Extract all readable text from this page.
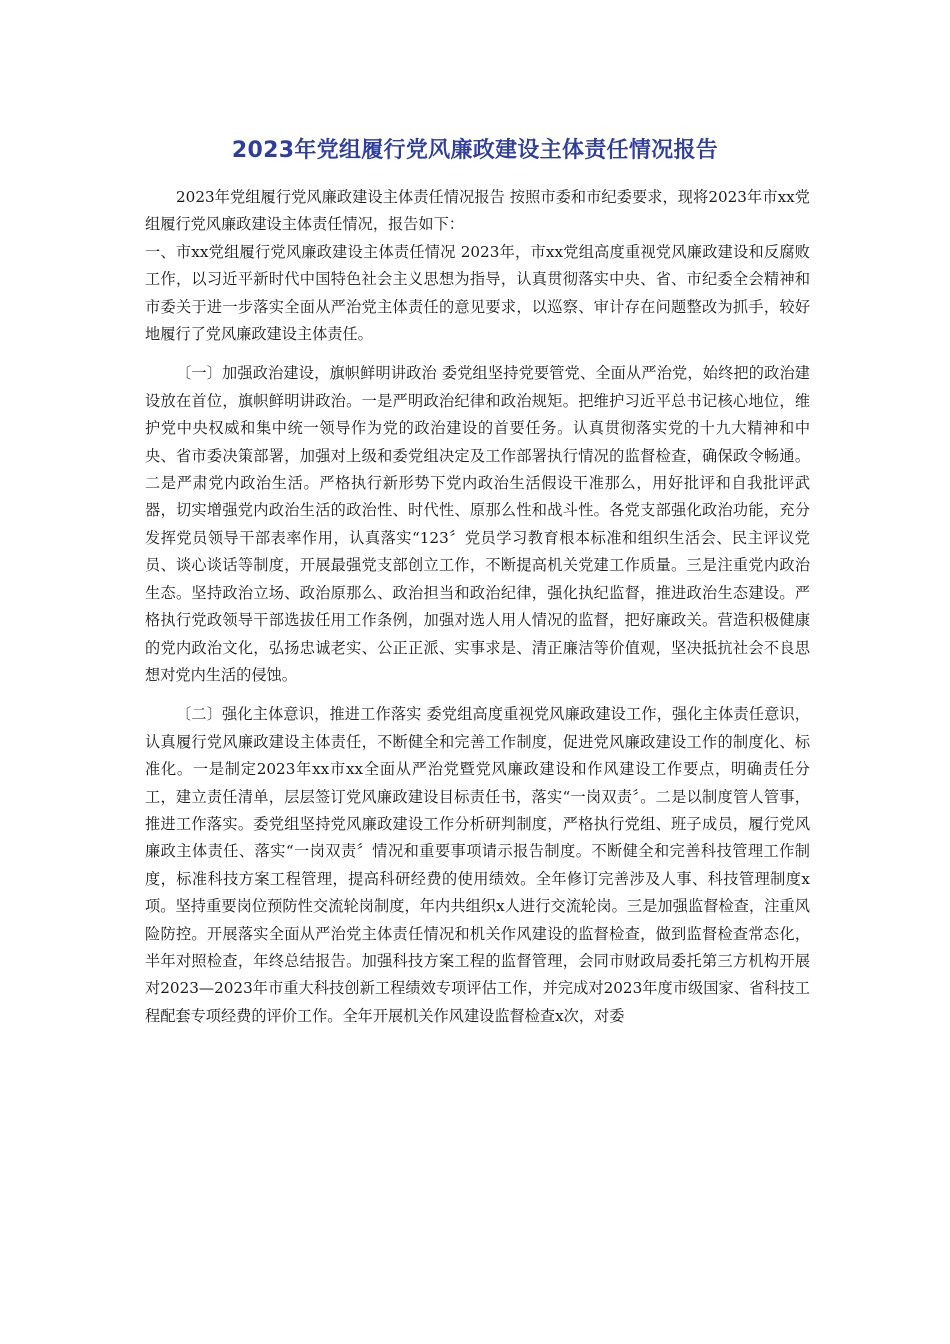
2023年党组履行党风廉政建设主体责任情况报告

2023年党组履行党风廉政建设主体责任情况报告 按照市委和市纪委要求，现将2023年市xx党组履行党风廉政建设主体责任情况，报告如下：

一、市xx党组履行党风廉政建设主体责任情况 2023年，市xx党组高度重视党风廉政建设和反腐败工作，以习近平新时代中国特色社会主义思想为指导，认真贯彻落实中央、省、市纪委全会精神和市委关于进一步落实全面从严治党主体责任的意见要求，以巡察、审计存在问题整改为抓手，较好地履行了党风廉政建设主体责任。

〔一〕加强政治建设，旗帜鲜明讲政治 委党组坚持党要管党、全面从严治党，始终把的政治建设放在首位，旗帜鲜明讲政治。一是严明政治纪律和政治规矩。把维护习近平总书记核心地位，维护党中央权威和集中统一领导作为党的政治建设的首要任务。认真贯彻落实党的十九大精神和中央、省市委决策部署，加强对上级和委党组决定及工作部署执行情况的监督检查，确保政令畅通。二是严肃党内政治生活。严格执行新形势下党内政治生活假设干准那么，用好批评和自我批评武器，切实增强党内政治生活的政治性、时代性、原那么性和战斗性。各党支部强化政治功能，充分发挥党员领导干部表率作用，认真落实“123〞党员学习教育根本标准和组织生活会、民主评议党员、谈心谈话等制度，开展最强党支部创立工作，不断提高机关党建工作质量。三是注重党内政治生态。坚持政治立场、政治原那么、政治担当和政治纪律，强化执纪监督，推进政治生态建设。严格执行党政领导干部选拔任用工作条例，加强对选人用人情况的监督，把好廉政关。营造积极健康的党内政治文化，弘扬忠诚老实、公正正派、实事求是、清正廉洁等价值观，坚决抵抗社会不良思想对党内生活的侵蚀。

〔二〕强化主体意识，推进工作落实 委党组高度重视党风廉政建设工作，强化主体责任意识，认真履行党风廉政建设主体责任，不断健全和完善工作制度，促进党风廉政建设工作的制度化、标准化。一是制定2023年xx市xx全面从严治党暨党风廉政建设和作风建设工作要点，明确责任分工，建立责任清单，层层签订党风廉政建设目标责任书，落实“一岗双责〞。二是以制度管人管事，推进工作落实。委党组坚持党风廉政建设工作分析研判制度，严格执行党组、班子成员，履行党风廉政主体责任、落实“一岗双责〞情况和重要事项请示报告制度。不断健全和完善科技管理工作制度，标准科技方案工程管理，提高科研经费的使用绩效。全年修订完善涉及人事、科技管理制度x项。坚持重要岗位预防性交流轮岗制度，年内共组织x人进行交流轮岗。三是加强监督检查，注重风险防控。开展落实全面从严治党主体责任情况和机关作风建设的监督检查，做到监督检查常态化，半年对照检查，年终总结报告。加强科技方案工程的监督管理，会同市财政局委托第三方机构开展对2023—2023年市重大科技创新工程绩效专项评估工作，并完成对2023年度市级国家、省科技工程配套专项经费的评价工作。全年开展机关作风建设监督检查x次，对委
